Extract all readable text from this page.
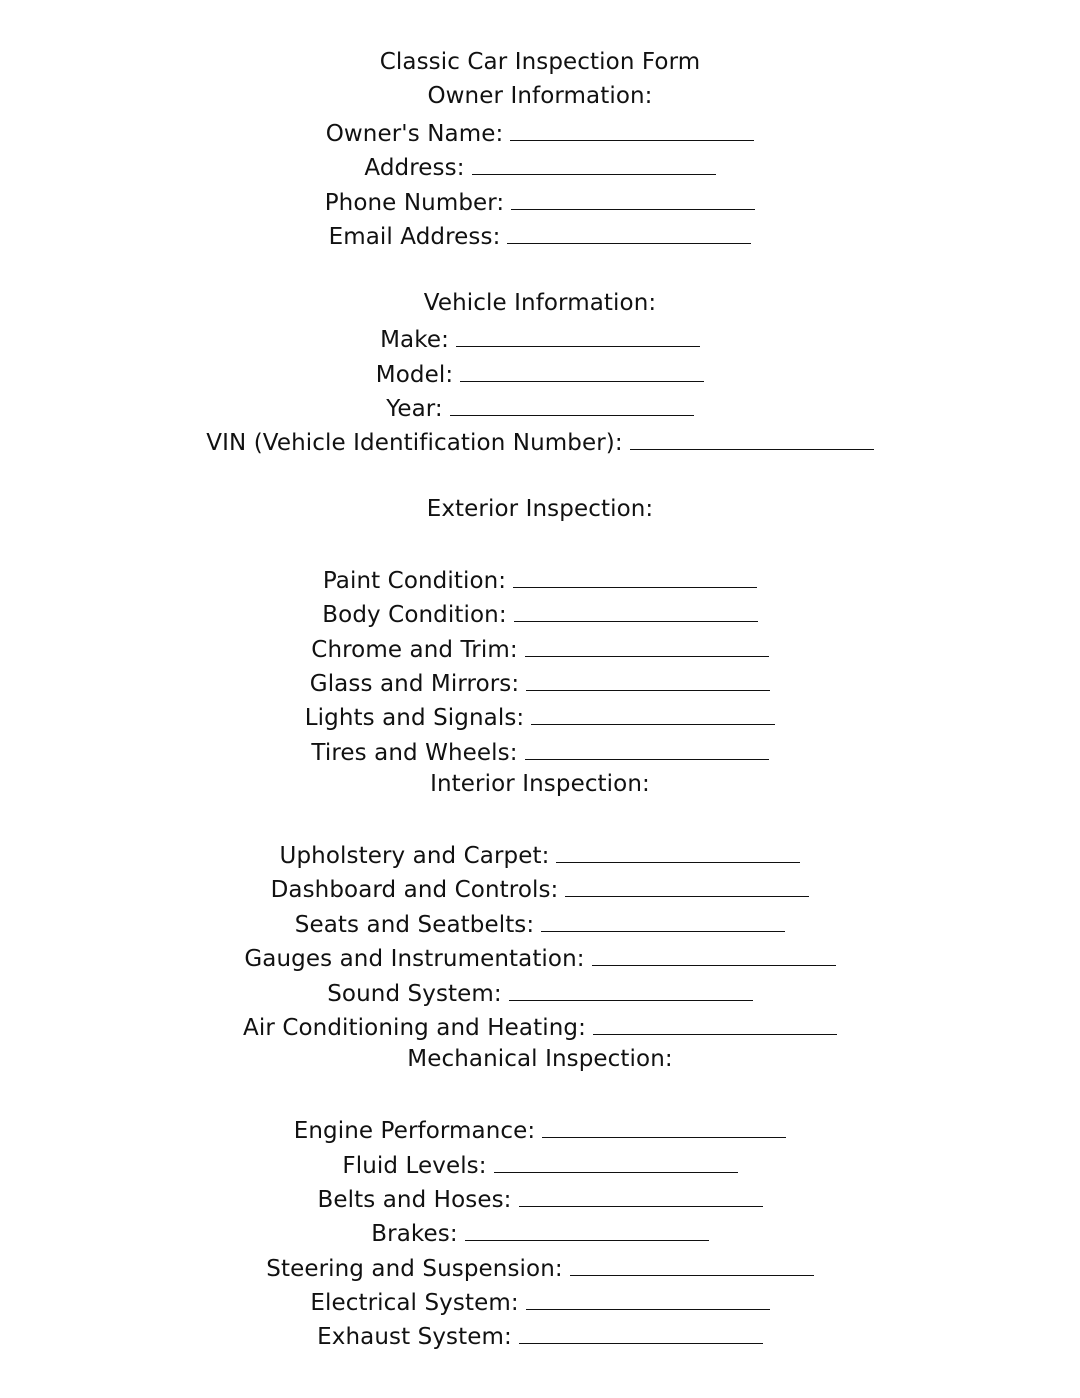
Classic Car Inspection Form
Owner Information:
Owner's Name:
Address:
Phone Number:
Email Address:
Vehicle Information:
Make:
Model:
Year:
VIN (Vehicle Identification Number):
Exterior Inspection:
Paint Condition:
Body Condition:
Chrome and Trim:
Glass and Mirrors:
Lights and Signals:
Tires and Wheels:
Interior Inspection:
Upholstery and Carpet:
Dashboard and Controls:
Seats and Seatbelts:
Gauges and Instrumentation:
Sound System:
Air Conditioning and Heating:
Mechanical Inspection:
Engine Performance:
Fluid Levels:
Belts and Hoses:
Brakes:
Steering and Suspension:
Electrical System:
Exhaust System:
